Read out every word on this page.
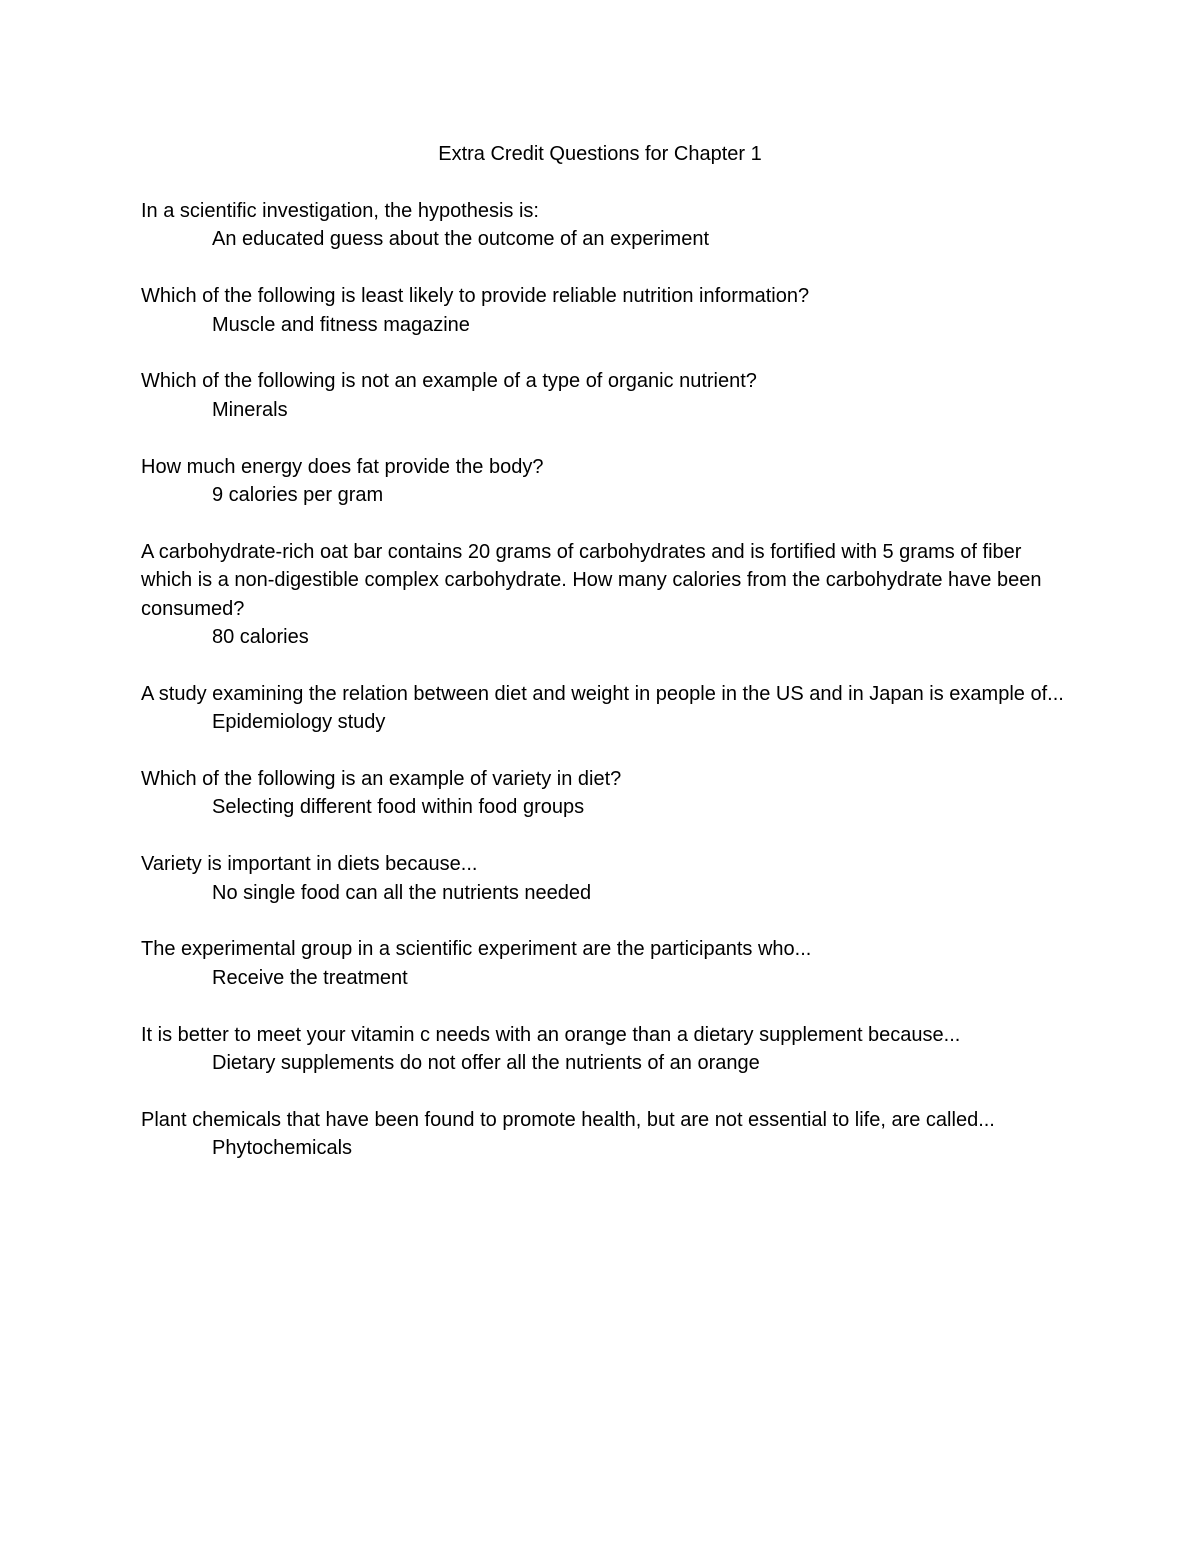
Extra Credit Questions for Chapter 1

In a scientific investigation, the hypothesis is:

An educated guess about the outcome of an experiment

Which of the following is least likely to provide reliable nutrition information?

Muscle and fitness magazine

Which of the following is not an example of a type of organic nutrient?

Minerals

How much energy does fat provide the body?

9 calories per gram

A carbohydrate-rich oat bar contains 20 grams of carbohydrates and is fortified with 5 grams of fiber which is a non-digestible complex carbohydrate. How many calories from the carbohydrate have been consumed?

80 calories

A study examining the relation between diet and weight in people in the US and in Japan is example of...

Epidemiology study

Which of the following is an example of variety in diet?

Selecting different food within food groups

Variety is important in diets because...

No single food can all the nutrients needed

The experimental group in a scientific experiment are the participants who...

Receive the treatment

It is better to meet your vitamin c needs with an orange than a dietary supplement because...

Dietary supplements do not offer all the nutrients of an orange

Plant chemicals that have been found to promote health, but are not essential to life, are called...

Phytochemicals
